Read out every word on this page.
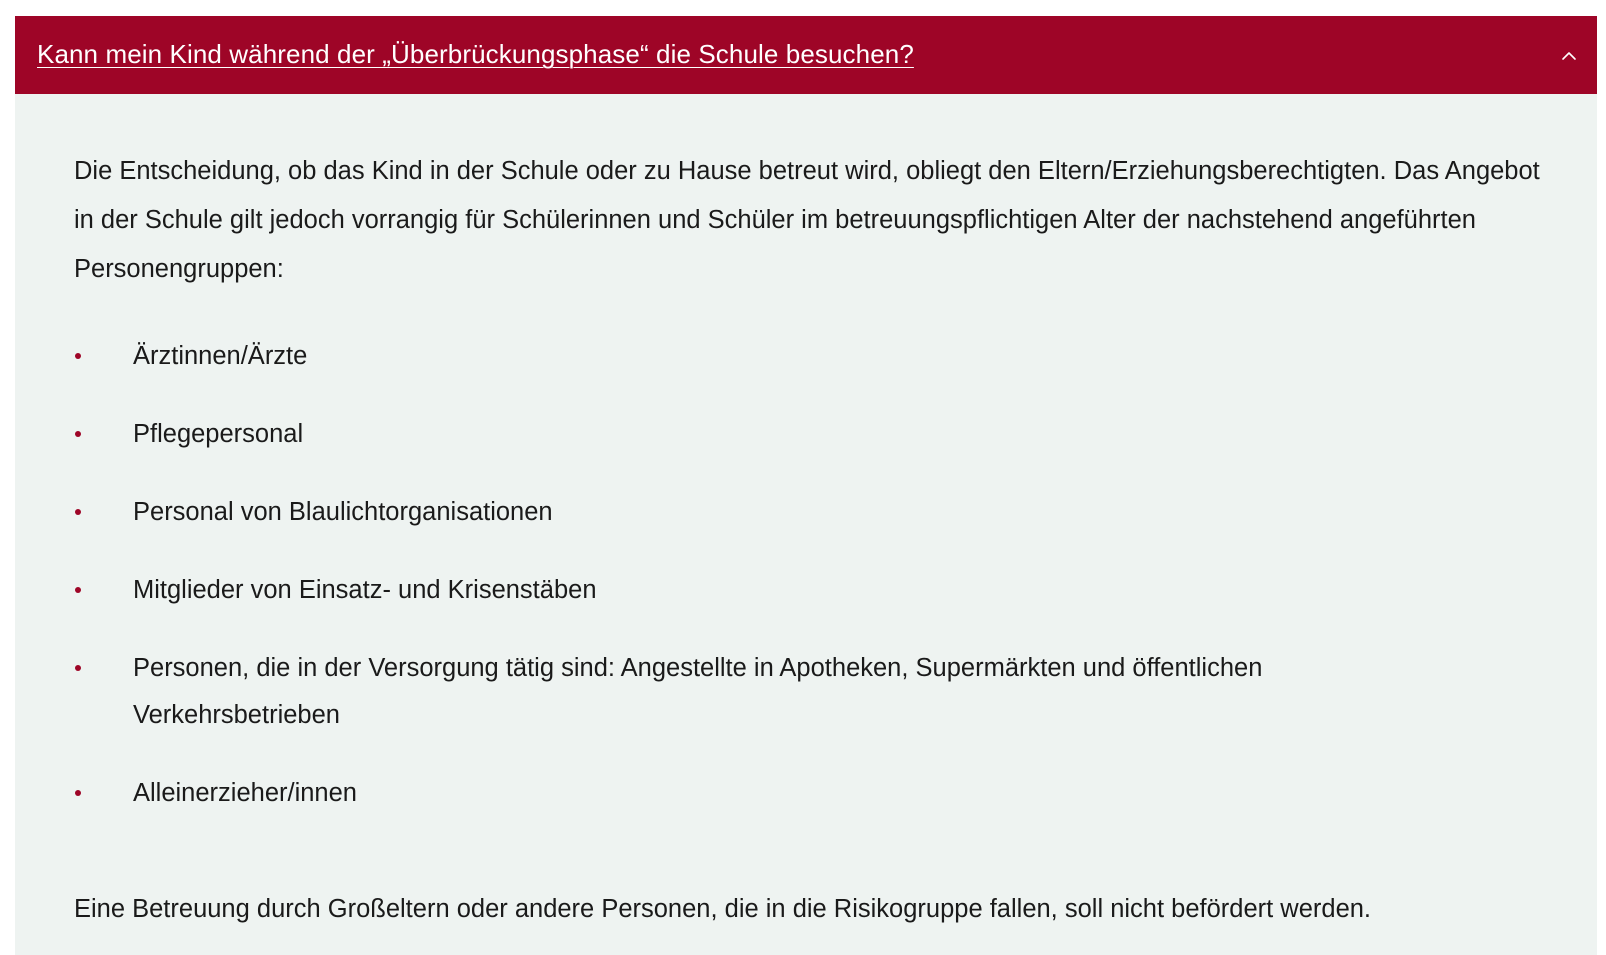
Kann mein Kind während der „Überbrückungsphase“ die Schule besuchen?

Die Entscheidung, ob das Kind in der Schule oder zu Hause betreut wird, obliegt den Eltern/Erziehungsberechtigten. Das Angebot in der Schule gilt jedoch vorrangig für Schülerinnen und Schüler im betreuungspflichtigen Alter der nachstehend angeführten Personengruppen:

Ärztinnen/Ärzte
Pflegepersonal
Personal von Blaulichtorganisationen
Mitglieder von Einsatz- und Krisenstäben
Personen, die in der Versorgung tätig sind: Angestellte in Apotheken, Supermärkten und öffentlichen Verkehrsbetrieben
Alleinerzieher/innen

Eine Betreuung durch Großeltern oder andere Personen, die in die Risikogruppe fallen, soll nicht befördert werden.
